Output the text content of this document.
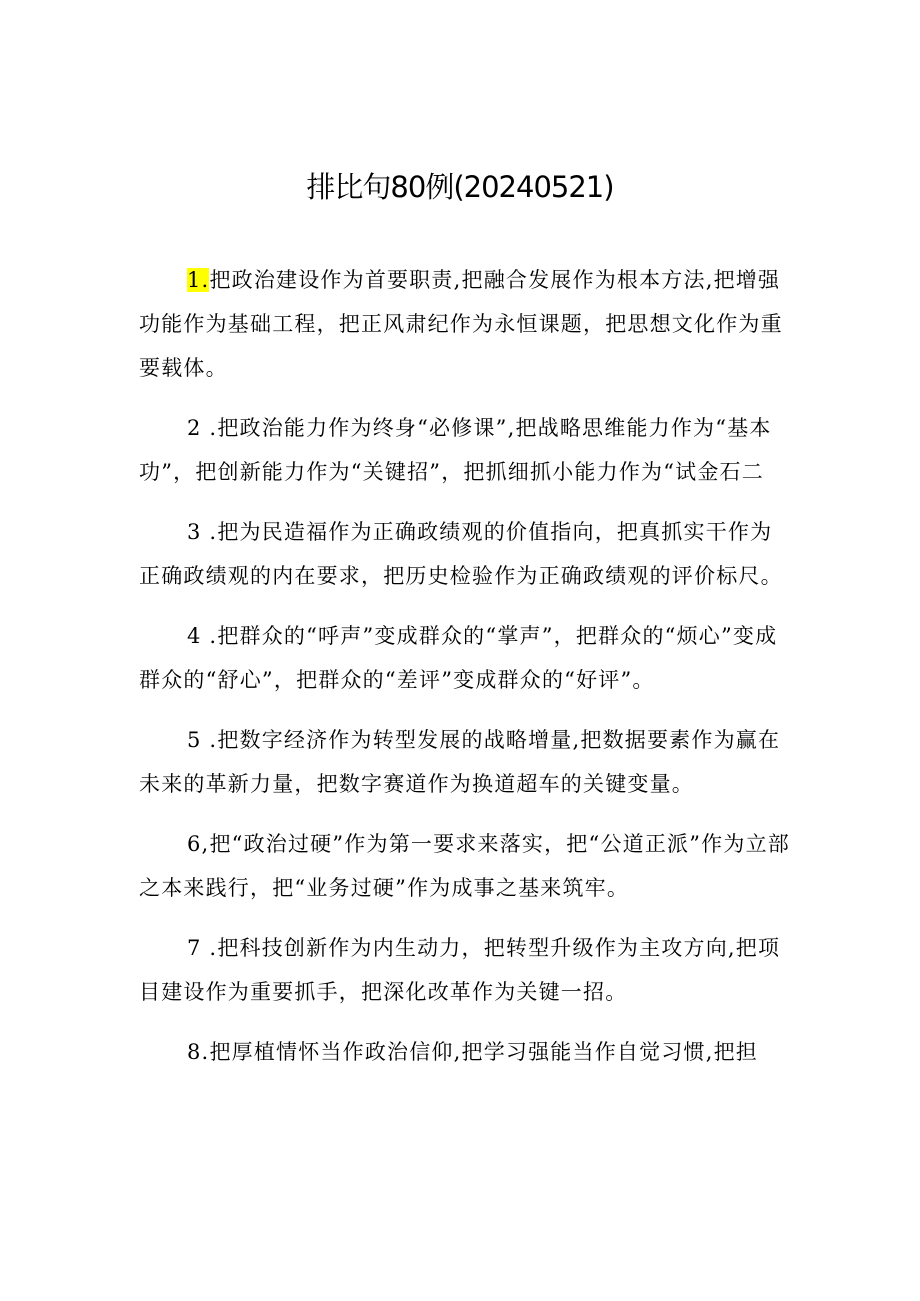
排比句80例(20240521)

1.把政治建设作为首要职责,把融合发展作为根本方法,把增强功能作为基础工程，把正风肃纪作为永恒课题，把思想文化作为重要载体。

2 .把政治能力作为终身“必修课”,把战略思维能力作为“基本功”，把创新能力作为“关键招”，把抓细抓小能力作为“试金石二

3 .把为民造福作为正确政绩观的价值指向，把真抓实干作为正确政绩观的内在要求，把历史检验作为正确政绩观的评价标尺。

4 .把群众的“呼声”变成群众的“掌声”，把群众的“烦心”变成群众的“舒心”，把群众的“差评”变成群众的“好评”。

5 .把数字经济作为转型发展的战略增量,把数据要素作为赢在未来的革新力量，把数字赛道作为换道超车的关键变量。

6,把“政治过硬”作为第一要求来落实，把“公道正派”作为立部之本来践行，把“业务过硬”作为成事之基来筑牢。

7 .把科技创新作为内生动力，把转型升级作为主攻方向,把项目建设作为重要抓手，把深化改革作为关键一招。

8.把厚植情怀当作政治信仰,把学习强能当作自觉习惯,把担
